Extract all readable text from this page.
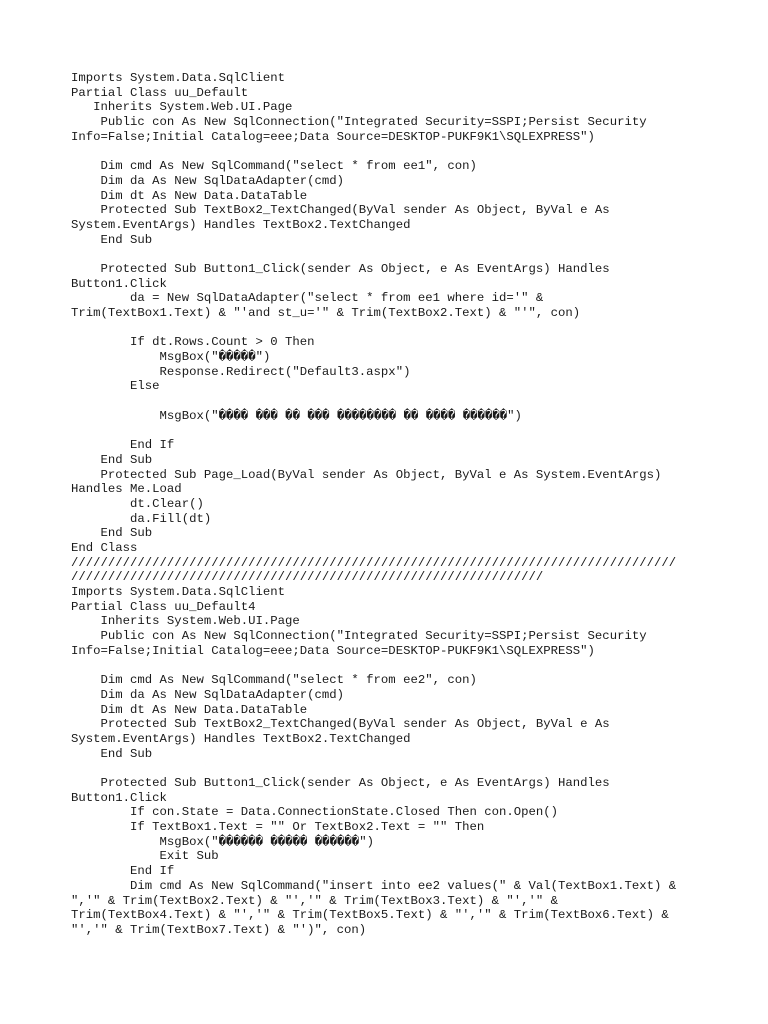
Imports System.Data.SqlClient
Partial Class uu_Default
Inherits System.Web.UI.Page
Public con As New SqlConnection("Integrated Security=SSPI;Persist Security
Info=False;Initial Catalog=eee;Data Source=DESKTOP-PUKF9K1\SQLEXPRESS")
Dim cmd As New SqlCommand("select * from ee1", con)
Dim da As New SqlDataAdapter(cmd)
Dim dt As New Data.DataTable
Protected Sub TextBox2_TextChanged(ByVal sender As Object, ByVal e As
System.EventArgs) Handles TextBox2.TextChanged
End Sub
Protected Sub Button1_Click(sender As Object, e As EventArgs) Handles
Button1.Click
da = New SqlDataAdapter("select * from ee1 where id='" &
Trim(TextBox1.Text) & "'and st_u='" & Trim(TextBox2.Text) & "'", con)
If dt.Rows.Count > 0 Then
MsgBox("�����")
Response.Redirect("Default3.aspx")
Else
MsgBox("���� ��� �� ��� �������� �� ���� ������")
End If
End Sub
Protected Sub Page_Load(ByVal sender As Object, ByVal e As System.EventArgs)
Handles Me.Load
dt.Clear()
da.Fill(dt)
End Sub
End Class
//////////////////////////////////////////////////////////////////////////////////
////////////////////////////////////////////////////////////////
Imports System.Data.SqlClient
Partial Class uu_Default4
Inherits System.Web.UI.Page
Public con As New SqlConnection("Integrated Security=SSPI;Persist Security
Info=False;Initial Catalog=eee;Data Source=DESKTOP-PUKF9K1\SQLEXPRESS")
Dim cmd As New SqlCommand("select * from ee2", con)
Dim da As New SqlDataAdapter(cmd)
Dim dt As New Data.DataTable
Protected Sub TextBox2_TextChanged(ByVal sender As Object, ByVal e As
System.EventArgs) Handles TextBox2.TextChanged
End Sub
Protected Sub Button1_Click(sender As Object, e As EventArgs) Handles
Button1.Click
If con.State = Data.ConnectionState.Closed Then con.Open()
If TextBox1.Text = "" Or TextBox2.Text = "" Then
MsgBox("������ ����� ������")
Exit Sub
End If
Dim cmd As New SqlCommand("insert into ee2 values(" & Val(TextBox1.Text) &
",'" & Trim(TextBox2.Text) & "','" & Trim(TextBox3.Text) & "','" &
Trim(TextBox4.Text) & "','" & Trim(TextBox5.Text) & "','" & Trim(TextBox6.Text) &
"','" & Trim(TextBox7.Text) & "')", con)
